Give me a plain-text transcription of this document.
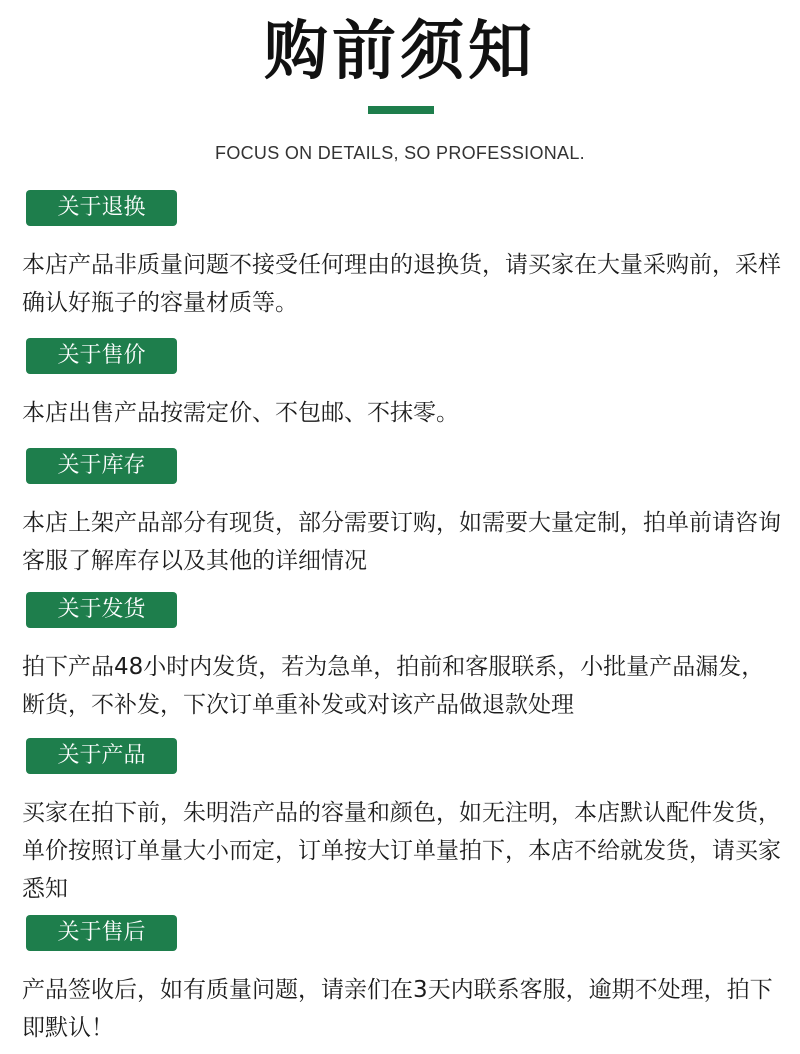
购前须知
FOCUS ON DETAILS, SO PROFESSIONAL.
关于退换
本店产品非质量问题不接受任何理由的退换货，请买家在大量采购前，采样确认好瓶子的容量材质等。
关于售价
本店出售产品按需定价、不包邮、不抹零。
关于库存
本店上架产品部分有现货，部分需要订购，如需要大量定制，拍单前请咨询客服了解库存以及其他的详细情况
关于发货
拍下产品48小时内发货，若为急单，拍前和客服联系，小批量产品漏发，断货，不补发，下次订单重补发或对该产品做退款处理
关于产品
买家在拍下前，朱明浩产品的容量和颜色，如无注明，本店默认配件发货，单价按照订单量大小而定，订单按大订单量拍下，本店不给就发货，请买家悉知
关于售后
产品签收后，如有质量问题，请亲们在3天内联系客服，逾期不处理，拍下即默认！
